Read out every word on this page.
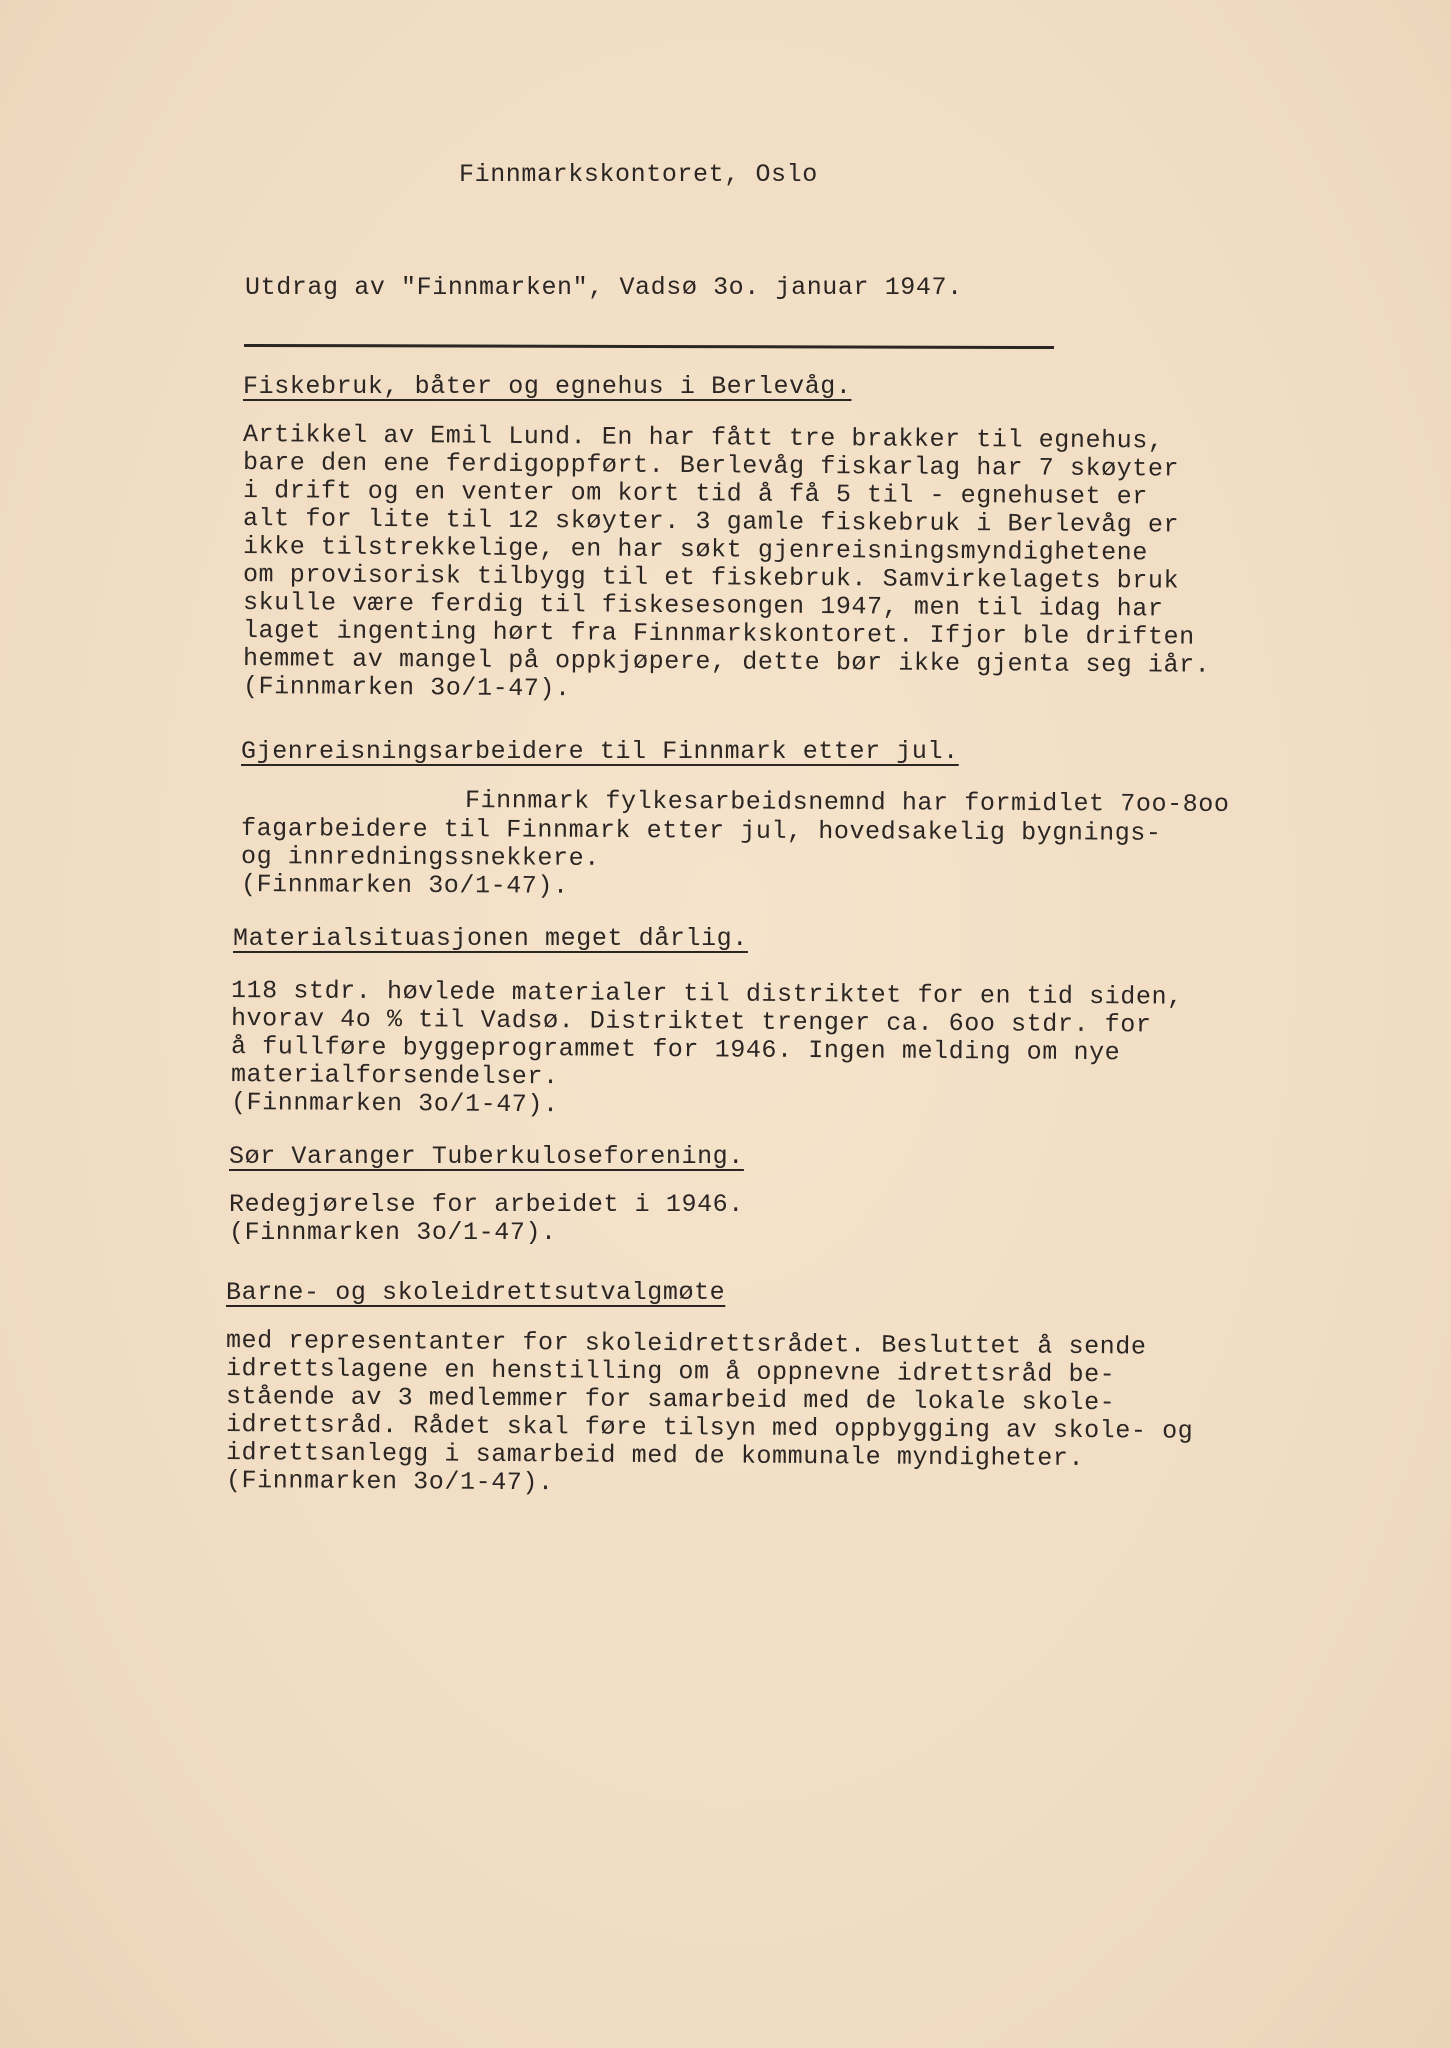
Finnmarkskontoret, Oslo
Utdrag av "Finnmarken", Vadsø 3o. januar 1947.
Fiskebruk, båter og egnehus i Berlevåg.
Artikkel av Emil Lund. En har fått tre brakker til egnehus,
bare den ene ferdigoppført. Berlevåg fiskarlag har 7 skøyter
i drift og en venter om kort tid å få 5 til - egnehuset er
alt for lite til 12 skøyter. 3 gamle fiskebruk i Berlevåg er
ikke tilstrekkelige, en har søkt gjenreisningsmyndighetene
om provisorisk tilbygg til et fiskebruk. Samvirkelagets bruk
skulle være ferdig til fiskesesongen 1947, men til idag har
laget ingenting hørt fra Finnmarkskontoret. Ifjor ble driften
hemmet av mangel på oppkjøpere, dette bør ikke gjenta seg iår.
(Finnmarken 3o/1-47).
Gjenreisningsarbeidere til Finnmark etter jul.
Finnmark fylkesarbeidsnemnd har formidlet 7oo-8oo
fagarbeidere til Finnmark etter jul, hovedsakelig bygnings-
og innredningssnekkere.
(Finnmarken 3o/1-47).
Materialsituasjonen meget dårlig.
118 stdr. høvlede materialer til distriktet for en tid siden,
hvorav 4o % til Vadsø. Distriktet trenger ca. 6oo stdr. for
å fullføre byggeprogrammet for 1946. Ingen melding om nye
materialforsendelser.
(Finnmarken 3o/1-47).
Sør Varanger Tuberkuloseforening.
Redegjørelse for arbeidet i 1946.
(Finnmarken 3o/1-47).
Barne- og skoleidrettsutvalgmøte
med representanter for skoleidrettsrådet. Besluttet å sende
idrettslagene en henstilling om å oppnevne idrettsråd be-
stående av 3 medlemmer for samarbeid med de lokale skole-
idrettsråd. Rådet skal føre tilsyn med oppbygging av skole- og
idrettsanlegg i samarbeid med de kommunale myndigheter.
(Finnmarken 3o/1-47).
